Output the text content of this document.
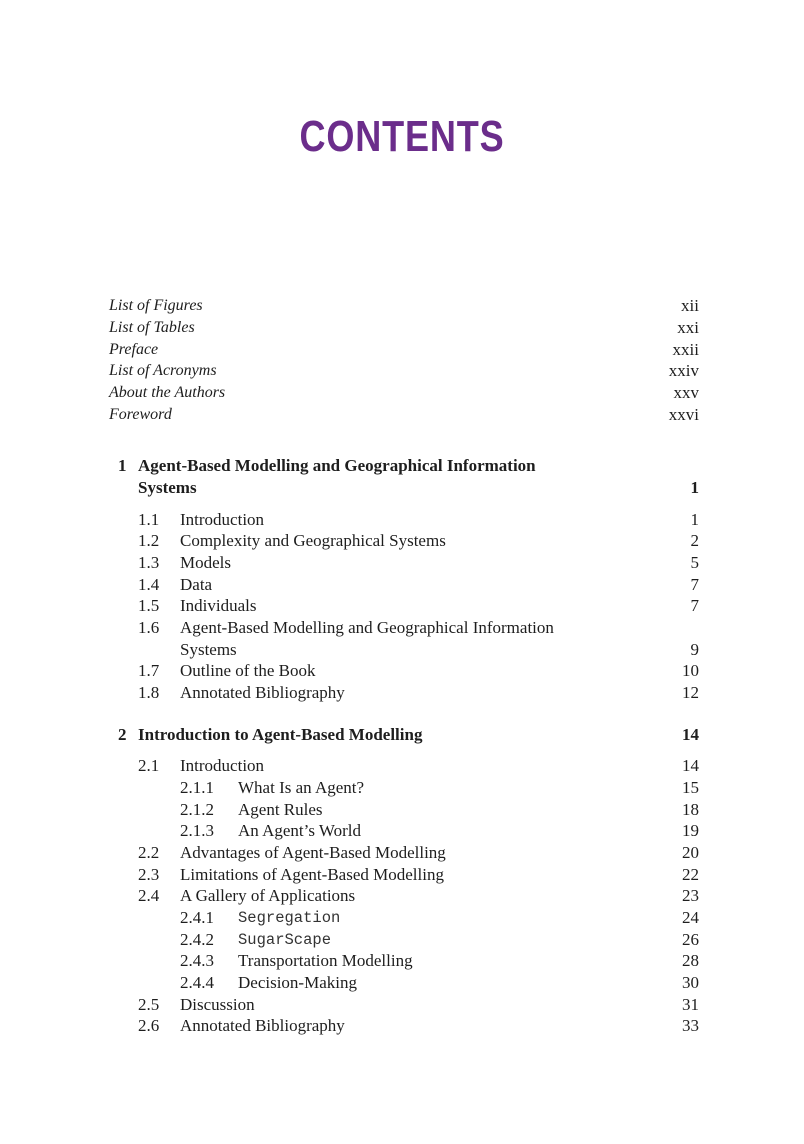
CONTENTS
List of Figures	xii
List of Tables	xxi
Preface	xxii
List of Acronyms	xxiv
About the Authors	xxv
Foreword	xxvi
1 Agent-Based Modelling and Geographical Information
Systems	1
1.1 Introduction	1
1.2 Complexity and Geographical Systems	2
1.3 Models	5
1.4 Data	7
1.5 Individuals	7
1.6 Agent-Based Modelling and Geographical Information
Systems	9
1.7 Outline of the Book	10
1.8 Annotated Bibliography	12
2 Introduction to Agent-Based Modelling	14
2.1 Introduction	14
2.1.1 What Is an Agent?	15
2.1.2 Agent Rules	18
2.1.3 An Agent’s World	19
2.2 Advantages of Agent-Based Modelling	20
2.3 Limitations of Agent-Based Modelling	22
2.4 A Gallery of Applications	23
2.4.1 Segregation	24
2.4.2 SugarScape	26
2.4.3 Transportation Modelling	28
2.4.4 Decision-Making	30
2.5 Discussion	31
2.6 Annotated Bibliography	33
